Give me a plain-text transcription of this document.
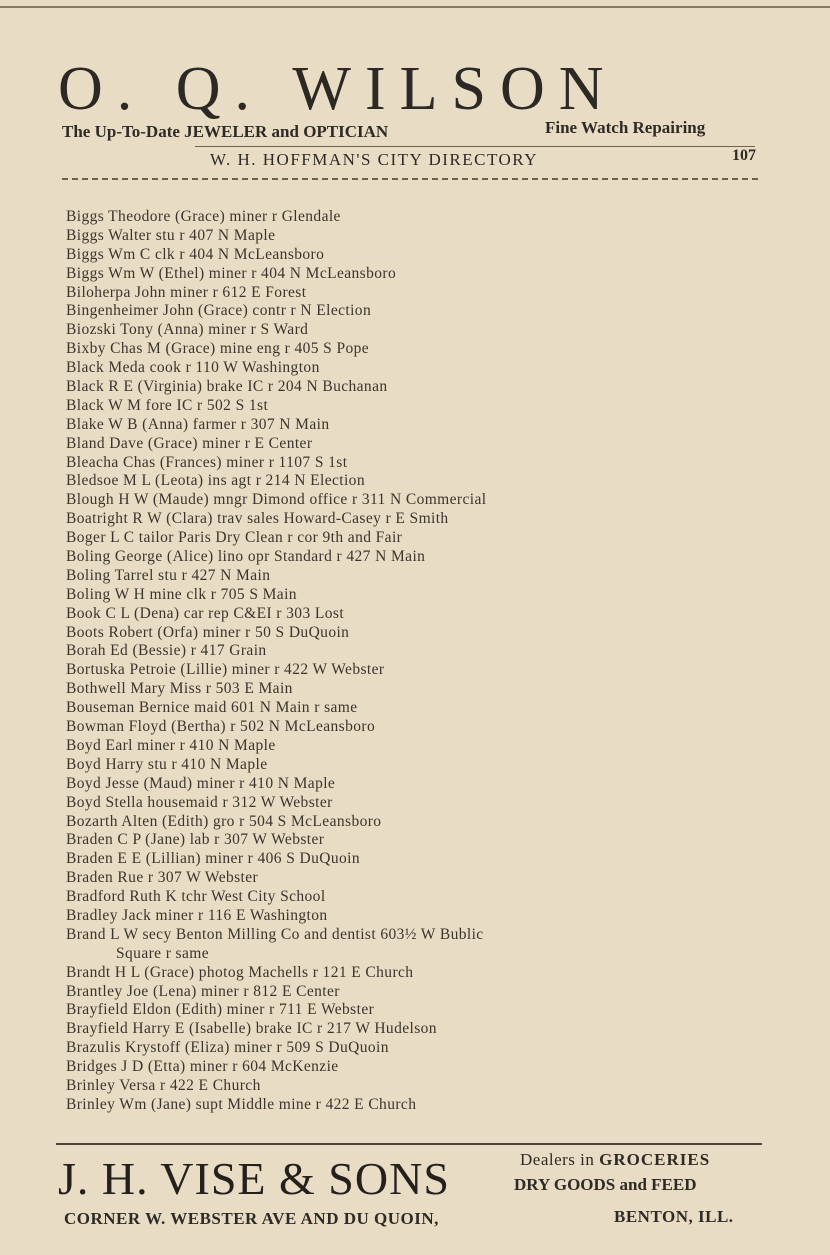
O. Q. WILSON
The Up-To-Date JEWELER and OPTICIAN	Fine Watch Repairing
W. H. HOFFMAN'S CITY DIRECTORY	107
Biggs Theodore (Grace) miner r Glendale
Biggs Walter stu r 407 N Maple
Biggs Wm C clk r 404 N McLeansboro
Biggs Wm W (Ethel) miner r 404 N McLeansboro
Biloherpa John miner r 612 E Forest
Bingenheimer John (Grace) contr r N Election
Biozski Tony (Anna) miner r S Ward
Bixby Chas M (Grace) mine eng r 405 S Pope
Black Meda cook r 110 W Washington
Black R E (Virginia) brake IC r 204 N Buchanan
Black W M fore IC r 502 S 1st
Blake W B (Anna) farmer r 307 N Main
Bland Dave (Grace) miner r E Center
Bleacha Chas (Frances) miner r 1107 S 1st
Bledsoe M L (Leota) ins agt r 214 N Election
Blough H W (Maude) mngr Dimond office r 311 N Commercial
Boatright R W (Clara) trav sales Howard-Casey r E Smith
Boger L C tailor Paris Dry Clean r cor 9th and Fair
Boling George (Alice) lino opr Standard r 427 N Main
Boling Tarrel stu r 427 N Main
Boling W H mine clk r 705 S Main
Book C L (Dena) car rep C&EI r 303 Lost
Boots Robert (Orfa) miner r 50 S DuQuoin
Borah Ed (Bessie) r 417 Grain
Bortuska Petroie (Lillie) miner r 422 W Webster
Bothwell Mary Miss r 503 E Main
Bouseman Bernice maid 601 N Main r same
Bowman Floyd (Bertha) r 502 N McLeansboro
Boyd Earl miner r 410 N Maple
Boyd Harry stu r 410 N Maple
Boyd Jesse (Maud) miner r 410 N Maple
Boyd Stella housemaid r 312 W Webster
Bozarth Alten (Edith) gro r 504 S McLeansboro
Braden C P (Jane) lab r 307 W Webster
Braden E E (Lillian) miner r 406 S DuQuoin
Braden Rue r 307 W Webster
Bradford Ruth K tchr West City School
Bradley Jack miner r 116 E Washington
Brand L W secy Benton Milling Co and dentist 603½ W Bublic
Square r same
Brandt H L (Grace) photog Machells r 121 E Church
Brantley Joe (Lena) miner r 812 E Center
Brayfield Eldon (Edith) miner r 711 E Webster
Brayfield Harry E (Isabelle) brake IC r 217 W Hudelson
Brazulis Krystoff (Eliza) miner r 509 S DuQuoin
Bridges J D (Etta) miner r 604 McKenzie
Brinley Versa r 422 E Church
Brinley Wm (Jane) supt Middle mine r 422 E Church
J. H. VISE & SONS	Dealers in GROCERIES
DRY GOODS and FEED
CORNER W. WEBSTER AVE AND DU QUOIN,	BENTON, ILL.
